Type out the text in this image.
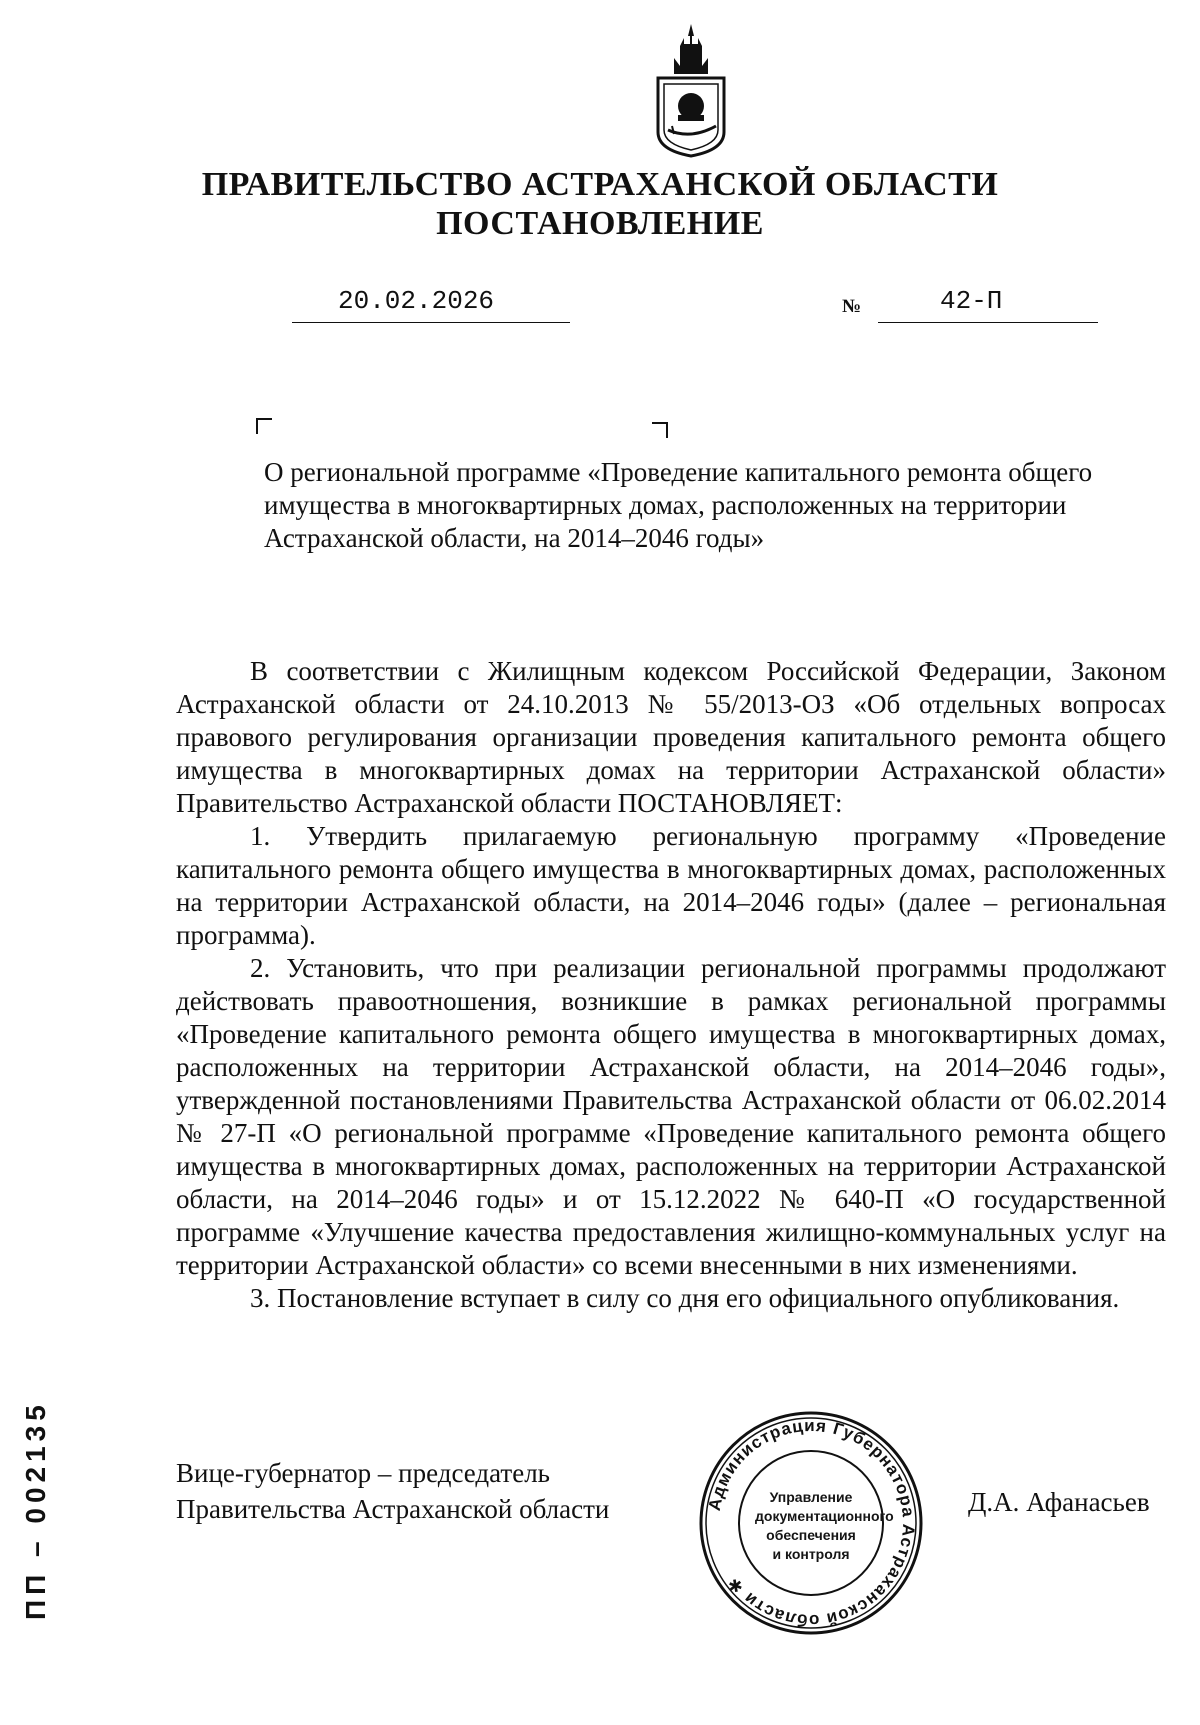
ПРАВИТЕЛЬСТВО АСТРАХАНСКОЙ ОБЛАСТИ
ПОСТАНОВЛЕНИЕ
20.02.2026	№	42-П
О региональной программе «Проведение капитального ремонта общего имущества в многоквартирных домах, расположенных на территории Астраханской области, на 2014–2046 годы»

В соответствии с Жилищным кодексом Российской Федерации, Законом Астраханской области от 24.10.2013 № 55/2013-ОЗ «Об отдельных вопросах правового регулирования организации проведения капитального ремонта общего имущества в многоквартирных домах на территории Астраханской области» Правительство Астраханской области ПОСТАНОВЛЯЕТ:

1. Утвердить прилагаемую региональную программу «Проведение капитального ремонта общего имущества в многоквартирных домах, расположенных на территории Астраханской области, на 2014–2046 годы» (далее – региональная программа).

2. Установить, что при реализации региональной программы продолжают действовать правоотношения, возникшие в рамках региональной программы «Проведение капитального ремонта общего имущества в многоквартирных домах, расположенных на территории Астраханской области, на 2014–2046 годы», утвержденной постановлениями Правительства Астраханской области от 06.02.2014 № 27-П «О региональной программе «Проведение капитального ремонта общего имущества в многоквартирных домах, расположенных на территории Астраханской области, на 2014–2046 годы» и от 15.12.2022 № 640-П «О государственной программе «Улучшение качества предоставления жилищно-коммунальных услуг на территории Астраханской области» со всеми внесенными в них изменениями.

3. Постановление вступает в силу со дня его официального опубликования.

Вице-губернатор – председатель
Правительства Астраханской области	Д.А. Афанасьев
Администрация Губернатора Астраханской области ✱
Управление
документационного
обеспечения
и контроля
ПП – 002135
